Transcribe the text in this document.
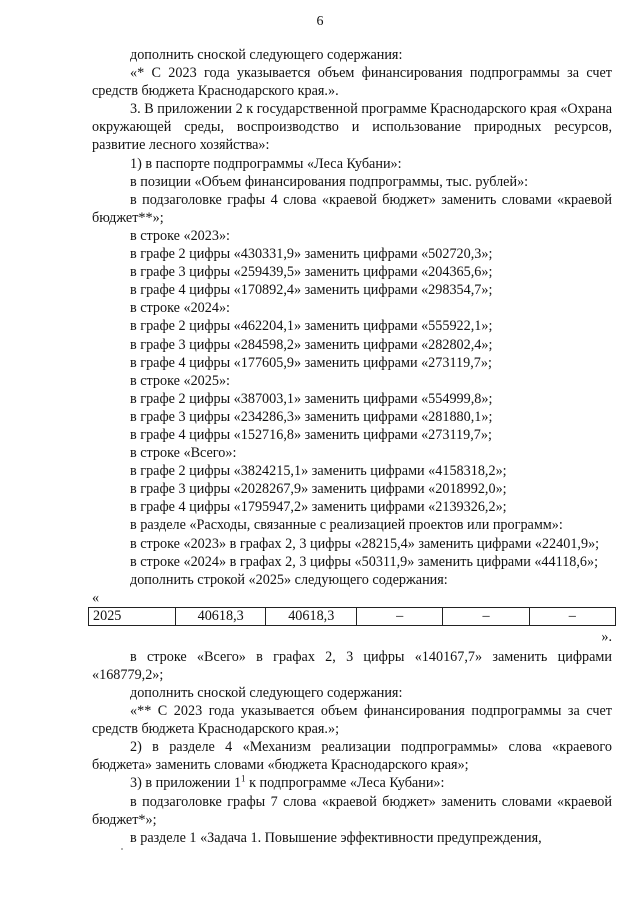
6

дополнить сноской следующего содержания:

«* С 2023 года указывается объем финансирования подпрограммы за счет средств бюджета Краснодарского края.».

3. В приложении 2 к государственной программе Краснодарского края «Охрана окружающей среды, воспроизводство и использование природных ресурсов, развитие лесного хозяйства»:

1) в паспорте подпрограммы «Леса Кубани»:

в позиции «Объем финансирования подпрограммы, тыс. рублей»:

в подзаголовке графы 4 слова «краевой бюджет» заменить словами «краевой бюджет**»;

в строке «2023»:

в графе 2 цифры «430331,9» заменить цифрами «502720,3»;

в графе 3 цифры «259439,5» заменить цифрами «204365,6»;

в графе 4 цифры «170892,4» заменить цифрами «298354,7»;

в строке «2024»:

в графе 2 цифры «462204,1» заменить цифрами «555922,1»;

в графе 3 цифры «284598,2» заменить цифрами «282802,4»;

в графе 4 цифры «177605,9» заменить цифрами «273119,7»;

в строке «2025»:

в графе 2 цифры «387003,1» заменить цифрами «554999,8»;

в графе 3 цифры «234286,3» заменить цифрами «281880,1»;

в графе 4 цифры «152716,8» заменить цифрами «273119,7»;

в строке «Всего»:

в графе 2 цифры «3824215,1» заменить цифрами «4158318,2»;

в графе 3 цифры «2028267,9» заменить цифрами «2018992,0»;

в графе 4 цифры «1795947,2» заменить цифрами «2139326,2»;

в разделе «Расходы, связанные с реализацией проектов или программ»:

в строке «2023» в графах 2, 3 цифры «28215,4» заменить цифрами «22401,9»;

в строке «2024» в графах 2, 3 цифры «50311,9» заменить цифрами «44118,6»;

дополнить строкой «2025» следующего содержания:

«

2025	40618,3	40618,3	–	–	–

».

в строке «Всего» в графах 2, 3 цифры «140167,7» заменить цифрами «168779,2»;

дополнить сноской следующего содержания:

«** С 2023 года указывается объем финансирования подпрограммы за счет средств бюджета Краснодарского края.»;

2) в разделе 4 «Механизм реализации подпрограммы» слова «краевого бюджета» заменить словами «бюджета Краснодарского края»;

3) в приложении $1^1$ к подпрограмме «Леса Кубани»:

в подзаголовке графы 7 слова «краевой бюджет» заменить словами «краевой бюджет*»;

в разделе 1 «Задача 1. Повышение эффективности предупреждения,
